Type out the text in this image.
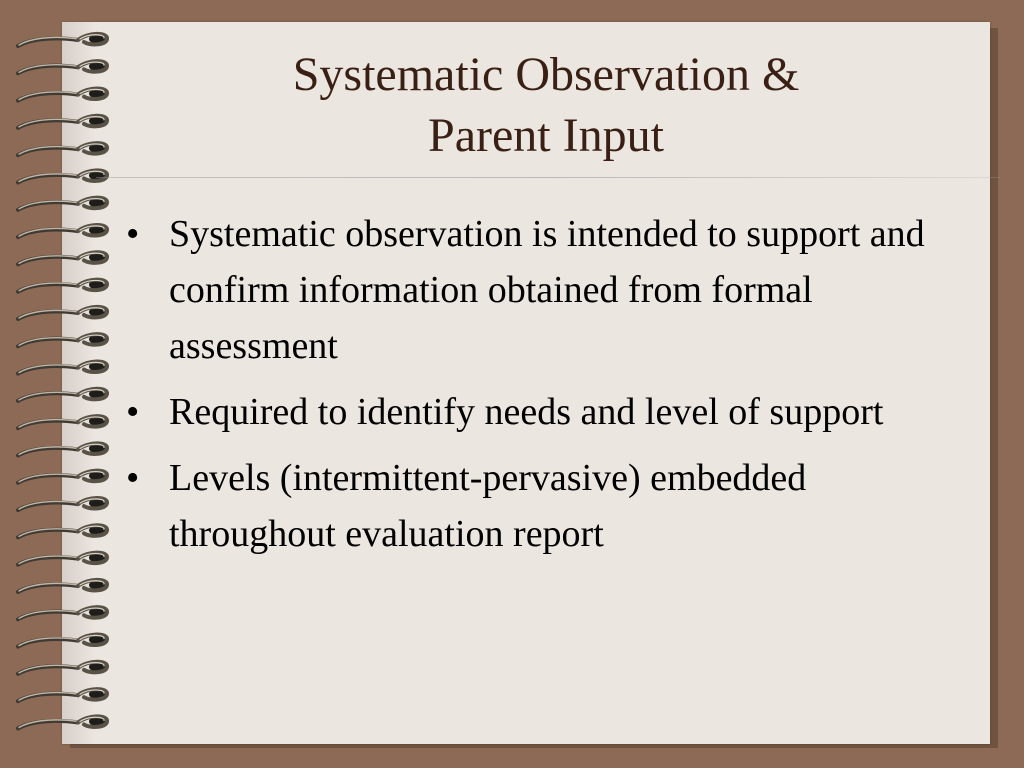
Systematic Observation &
Parent Input
• Systematic observation is intended to support and confirm information obtained from formal assessment
• Required to identify needs and level of support
• Levels (intermittent-pervasive) embedded throughout evaluation report
